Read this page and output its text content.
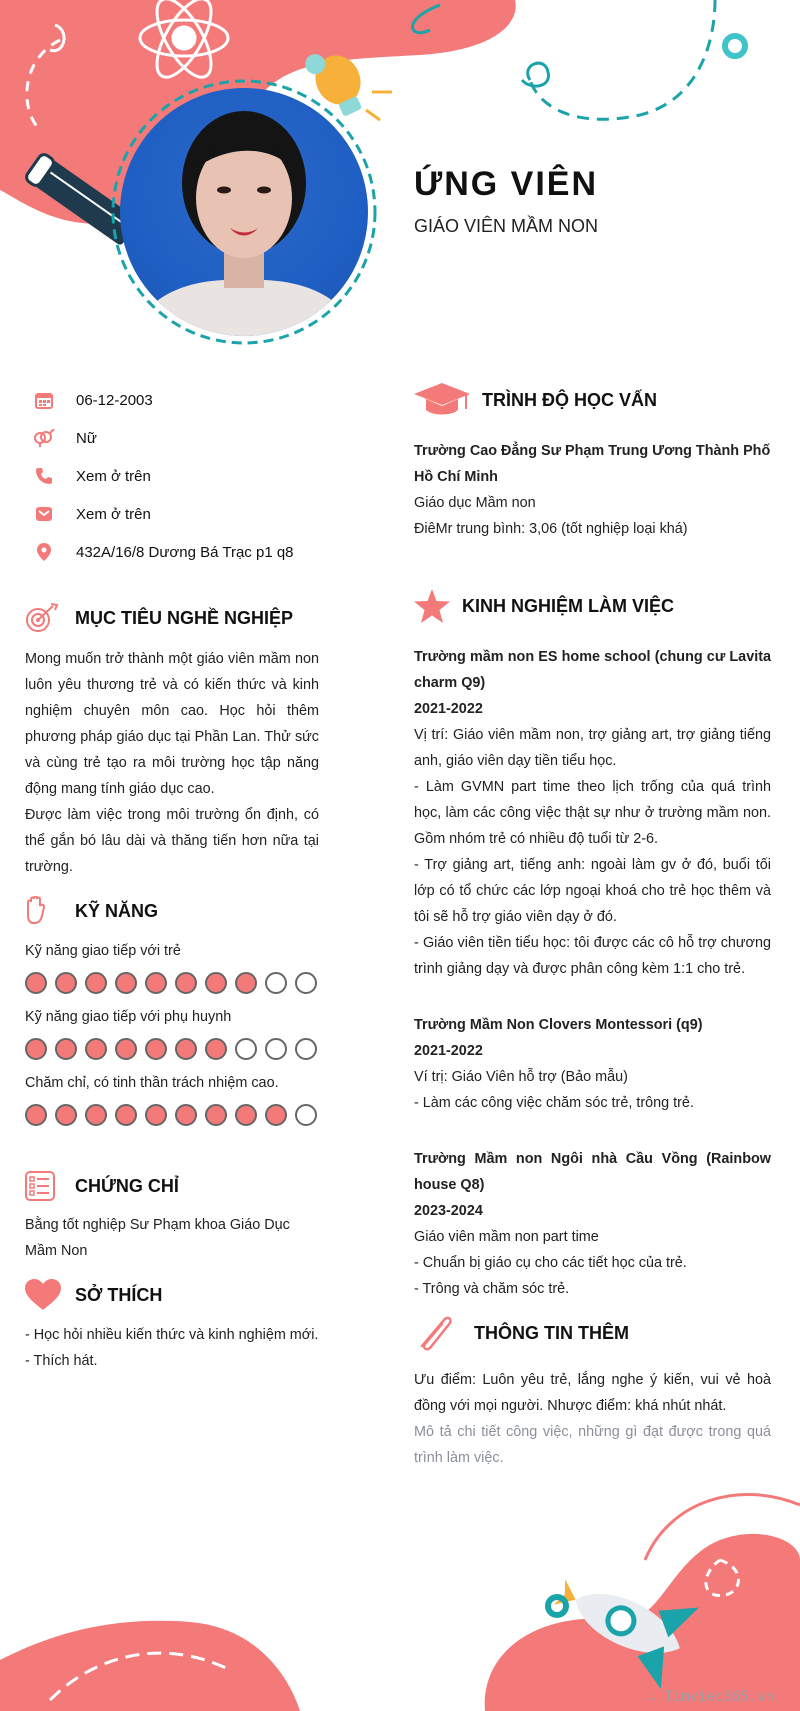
ỨNG VIÊN
GIÁO VIÊN MẦM NON
06-12-2003
Nữ
Xem ở trên
Xem ở trên
432A/16/8 Dương Bá Trạc p1 q8
MỤC TIÊU NGHỀ NGHIỆP
Mong muốn trở thành một giáo viên mầm non luôn yêu thương trẻ và có kiến thức và kinh nghiệm chuyên môn cao. Học hỏi thêm phương pháp giáo dục tại Phần Lan. Thử sức và cùng trẻ tạo ra môi trường học tập năng động mang tính giáo dục cao.
Được làm việc trong môi trường ổn định, có thể gắn bó lâu dài và thăng tiến hơn nữa tại trường.
KỸ NĂNG
Kỹ năng giao tiếp với trẻ
Kỹ năng giao tiếp với phụ huynh
Chăm chỉ, có tinh thần trách nhiệm cao.
CHỨNG CHỈ
Bằng tốt nghiệp Sư Phạm khoa Giáo Dục Mầm Non
SỞ THÍCH
- Học hỏi nhiều kiến thức và kinh nghiệm mới.
- Thích hát.
TRÌNH ĐỘ HỌC VẤN
Trường Cao Đẳng Sư Phạm Trung Ương Thành Phố Hồ Chí Minh
Giáo dục Mầm non
ĐiêMr trung bình: 3,06 (tốt nghiệp loại khá)
KINH NGHIỆM LÀM VIỆC
Trường mầm non ES home school (chung cư Lavita charm Q9)
2021-2022
Vị trí: Giáo viên mầm non, trợ giảng art, trợ giảng tiếng anh, giáo viên dạy tiền tiểu học.
- Làm GVMN part time theo lịch trống của quá trình học, làm các công việc thật sự như ở trường mầm non. Gồm nhóm trẻ có nhiều độ tuổi từ 2-6.
- Trợ giảng art, tiếng anh: ngoài làm gv ở đó, buổi tối lớp có tổ chức các lớp ngoại khoá cho trẻ học thêm và tôi sẽ hỗ trợ giáo viên dạy ở đó.
- Giáo viên tiền tiểu học: tôi được các cô hỗ trợ chương trình giảng dạy và được phân công kèm 1:1 cho trẻ.
Trường Mầm Non Clovers Montessori (q9)
2021-2022
Ví trị: Giáo Viên hỗ trợ (Bảo mẫu)
- Làm các công việc chăm sóc trẻ, trông trẻ.
Trường Mầm non Ngôi nhà Cầu Vồng (Rainbow house Q8)
2023-2024
Giáo viên mầm non part time
- Chuẩn bị giáo cụ cho các tiết học của trẻ.
- Trông và chăm sóc trẻ.
THÔNG TIN THÊM
Ưu điểm: Luôn yêu trẻ, lắng nghe ý kiến, vui vẻ hoà đồng với mọi người. Nhược điểm: khá nhút nhát.
Mô tả chi tiết công việc, những gì đạt được trong quá trình làm việc.
∴ Timviec365.vn
